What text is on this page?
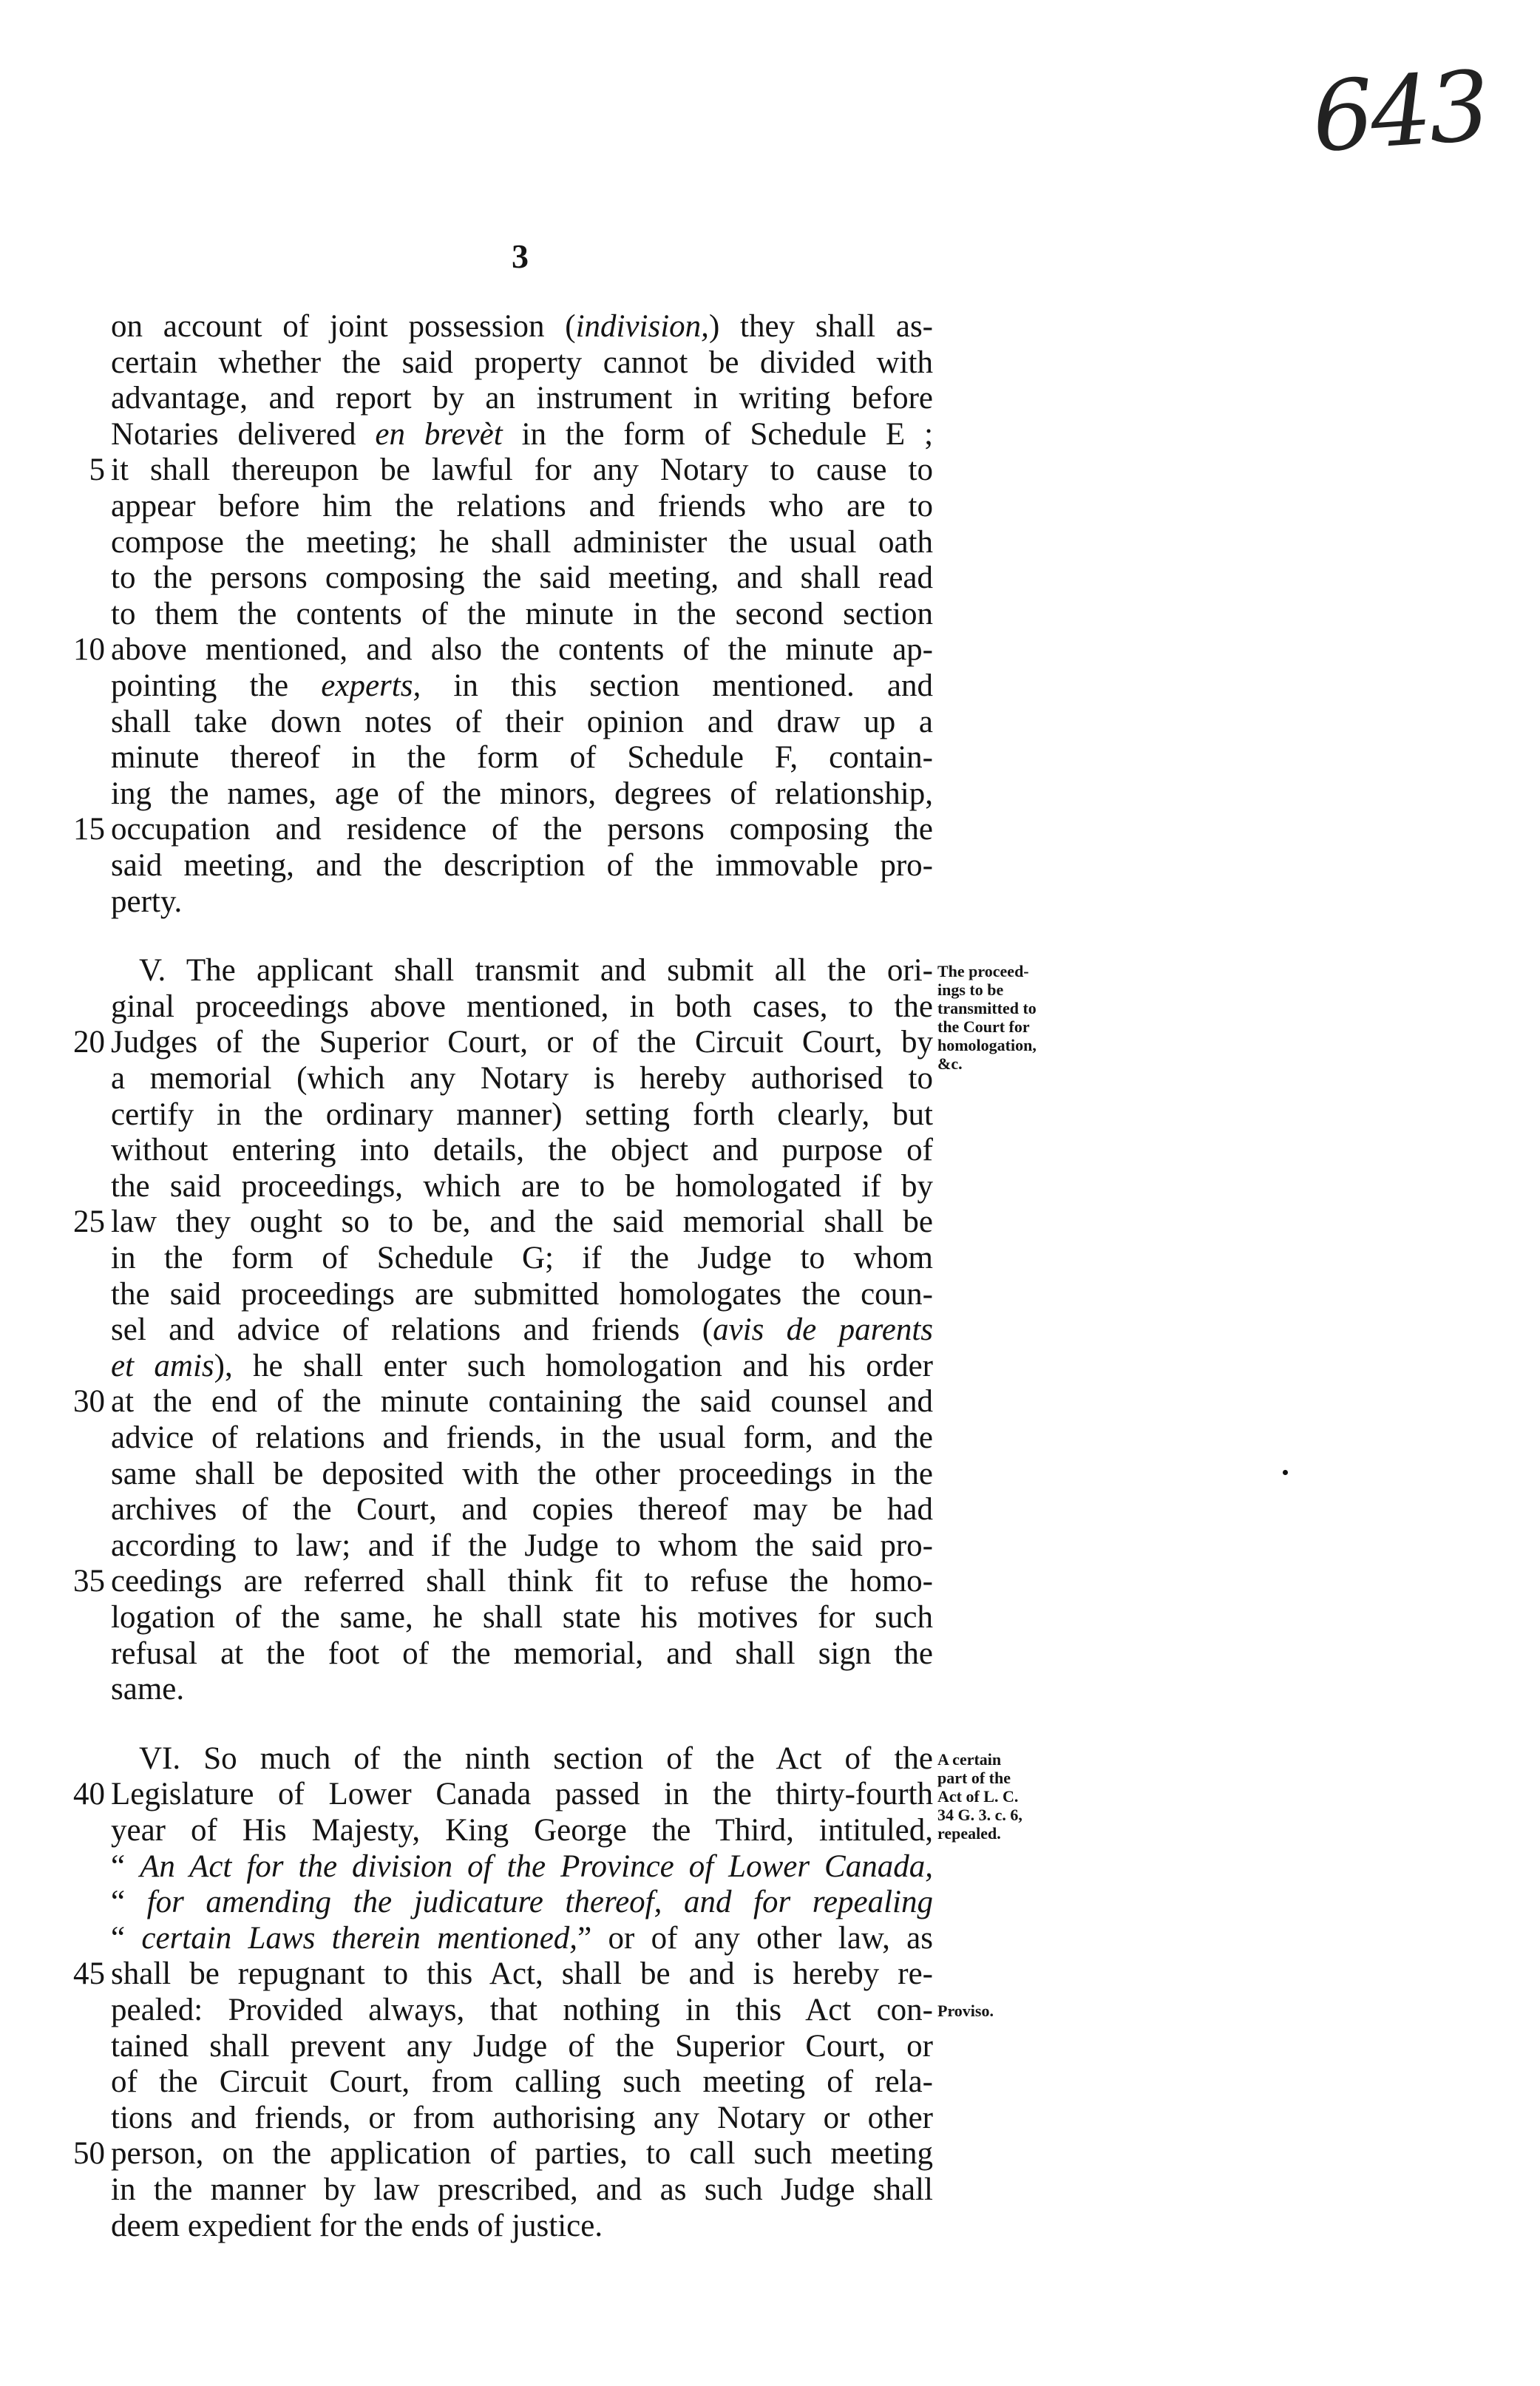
643
3
on account of joint possession (indivision,) they shall as-
certain whether the said property cannot be divided with
advantage, and report by an instrument in writing before
Notaries delivered en brevèt in the form of Schedule E ;
it shall thereupon be lawful for any Notary to cause to
5
appear before him the relations and friends who are to
compose the meeting; he shall administer the usual oath
to the persons composing the said meeting, and shall read
to them the contents of the minute in the second section
above mentioned, and also the contents of the minute ap-
10
pointing the experts, in this section mentioned. and
shall take down notes of their opinion and draw up a
minute thereof in the form of Schedule F, contain-
ing the names, age of the minors, degrees of relationship,
occupation and residence of the persons composing the
15
said meeting, and the description of the immovable pro-
perty.
V. The applicant shall transmit and submit all the ori-
ginal proceedings above mentioned, in both cases, to the
Judges of the Superior Court, or of the Circuit Court, by
20
a memorial (which any Notary is hereby authorised to
certify in the ordinary manner) setting forth clearly, but
without entering into details, the object and purpose of
the said proceedings, which are to be homologated if by
law they ought so to be, and the said memorial shall be
25
in the form of Schedule G; if the Judge to whom
the said proceedings are submitted homologates the coun-
sel and advice of relations and friends (avis de parents
et amis), he shall enter such homologation and his order
at the end of the minute containing the said counsel and
30
advice of relations and friends, in the usual form, and the
same shall be deposited with the other proceedings in the
archives of the Court, and copies thereof may be had
according to law; and if the Judge to whom the said pro-
ceedings are referred shall think fit to refuse the homo-
35
logation of the same, he shall state his motives for such
refusal at the foot of the memorial, and shall sign the
same.
VI. So much of the ninth section of the Act of the
Legislature of Lower Canada passed in the thirty-fourth
40
year of His Majesty, King George the Third, intituled,
“ An Act for the division of the Province of Lower Canada,
“ for amending the judicature thereof, and for repealing
“ certain Laws therein mentioned,” or of any other law, as
shall be repugnant to this Act, shall be and is hereby re-
45
pealed: Provided always, that nothing in this Act con-
tained shall prevent any Judge of the Superior Court, or
of the Circuit Court, from calling such meeting of rela-
tions and friends, or from authorising any Notary or other
person, on the application of parties, to call such meeting
50
in the manner by law prescribed, and as such Judge shall
deem expedient for the ends of justice.
The proceed-
ings to be
transmitted to
the Court for
homologation,
&c.
A certain
part of the
Act of L. C.
34 G. 3. c. 6,
repealed.
Proviso.
